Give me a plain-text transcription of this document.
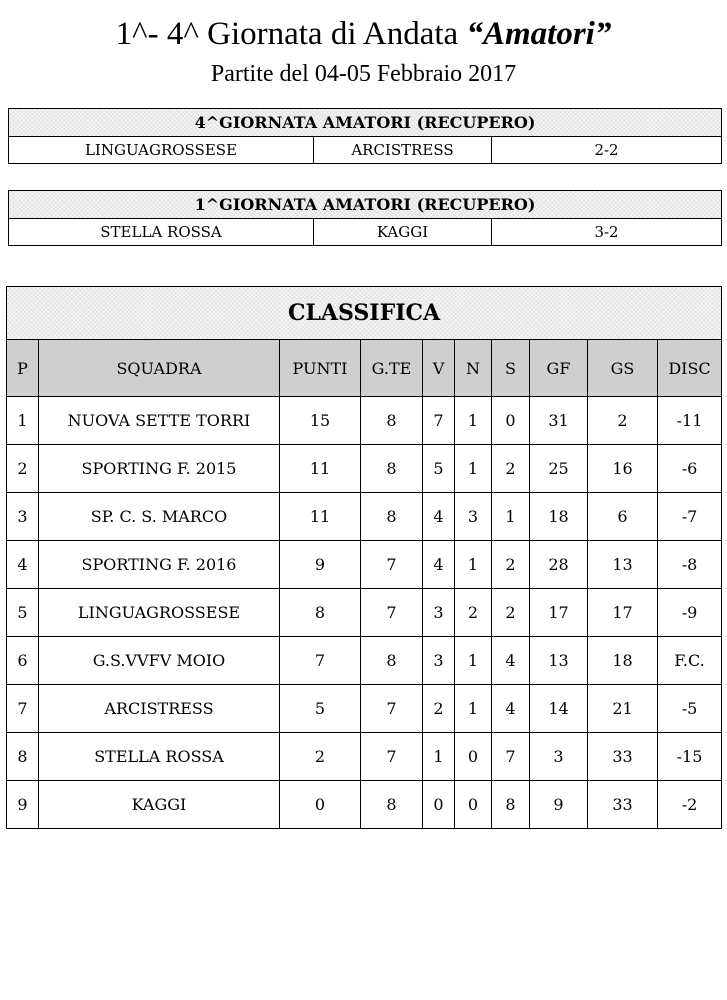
1^- 4^ Giornata di Andata “Amatori”
Partite del 04-05 Febbraio 2017
4^GIORNATA AMATORI (RECUPERO)
LINGUAGROSSESE	ARCISTRESS	2-2
1^GIORNATA AMATORI (RECUPERO)
STELLA ROSSA	KAGGI	3-2
CLASSIFICA									
P	SQUADRA	PUNTI	G.TE	V	N	S	GF	GS	DISC
1	NUOVA SETTE TORRI	15	8	7	1	0	31	2	-11
2	SPORTING F. 2015	11	8	5	1	2	25	16	-6
3	SP. C. S. MARCO	11	8	4	3	1	18	6	-7
4	SPORTING F. 2016	9	7	4	1	2	28	13	-8
5	LINGUAGROSSESE	8	7	3	2	2	17	17	-9
6	G.S.VVFV MOIO	7	8	3	1	4	13	18	F.C.
7	ARCISTRESS	5	7	2	1	4	14	21	-5
8	STELLA ROSSA	2	7	1	0	7	3	33	-15
9	KAGGI	0	8	0	0	8	9	33	-2
